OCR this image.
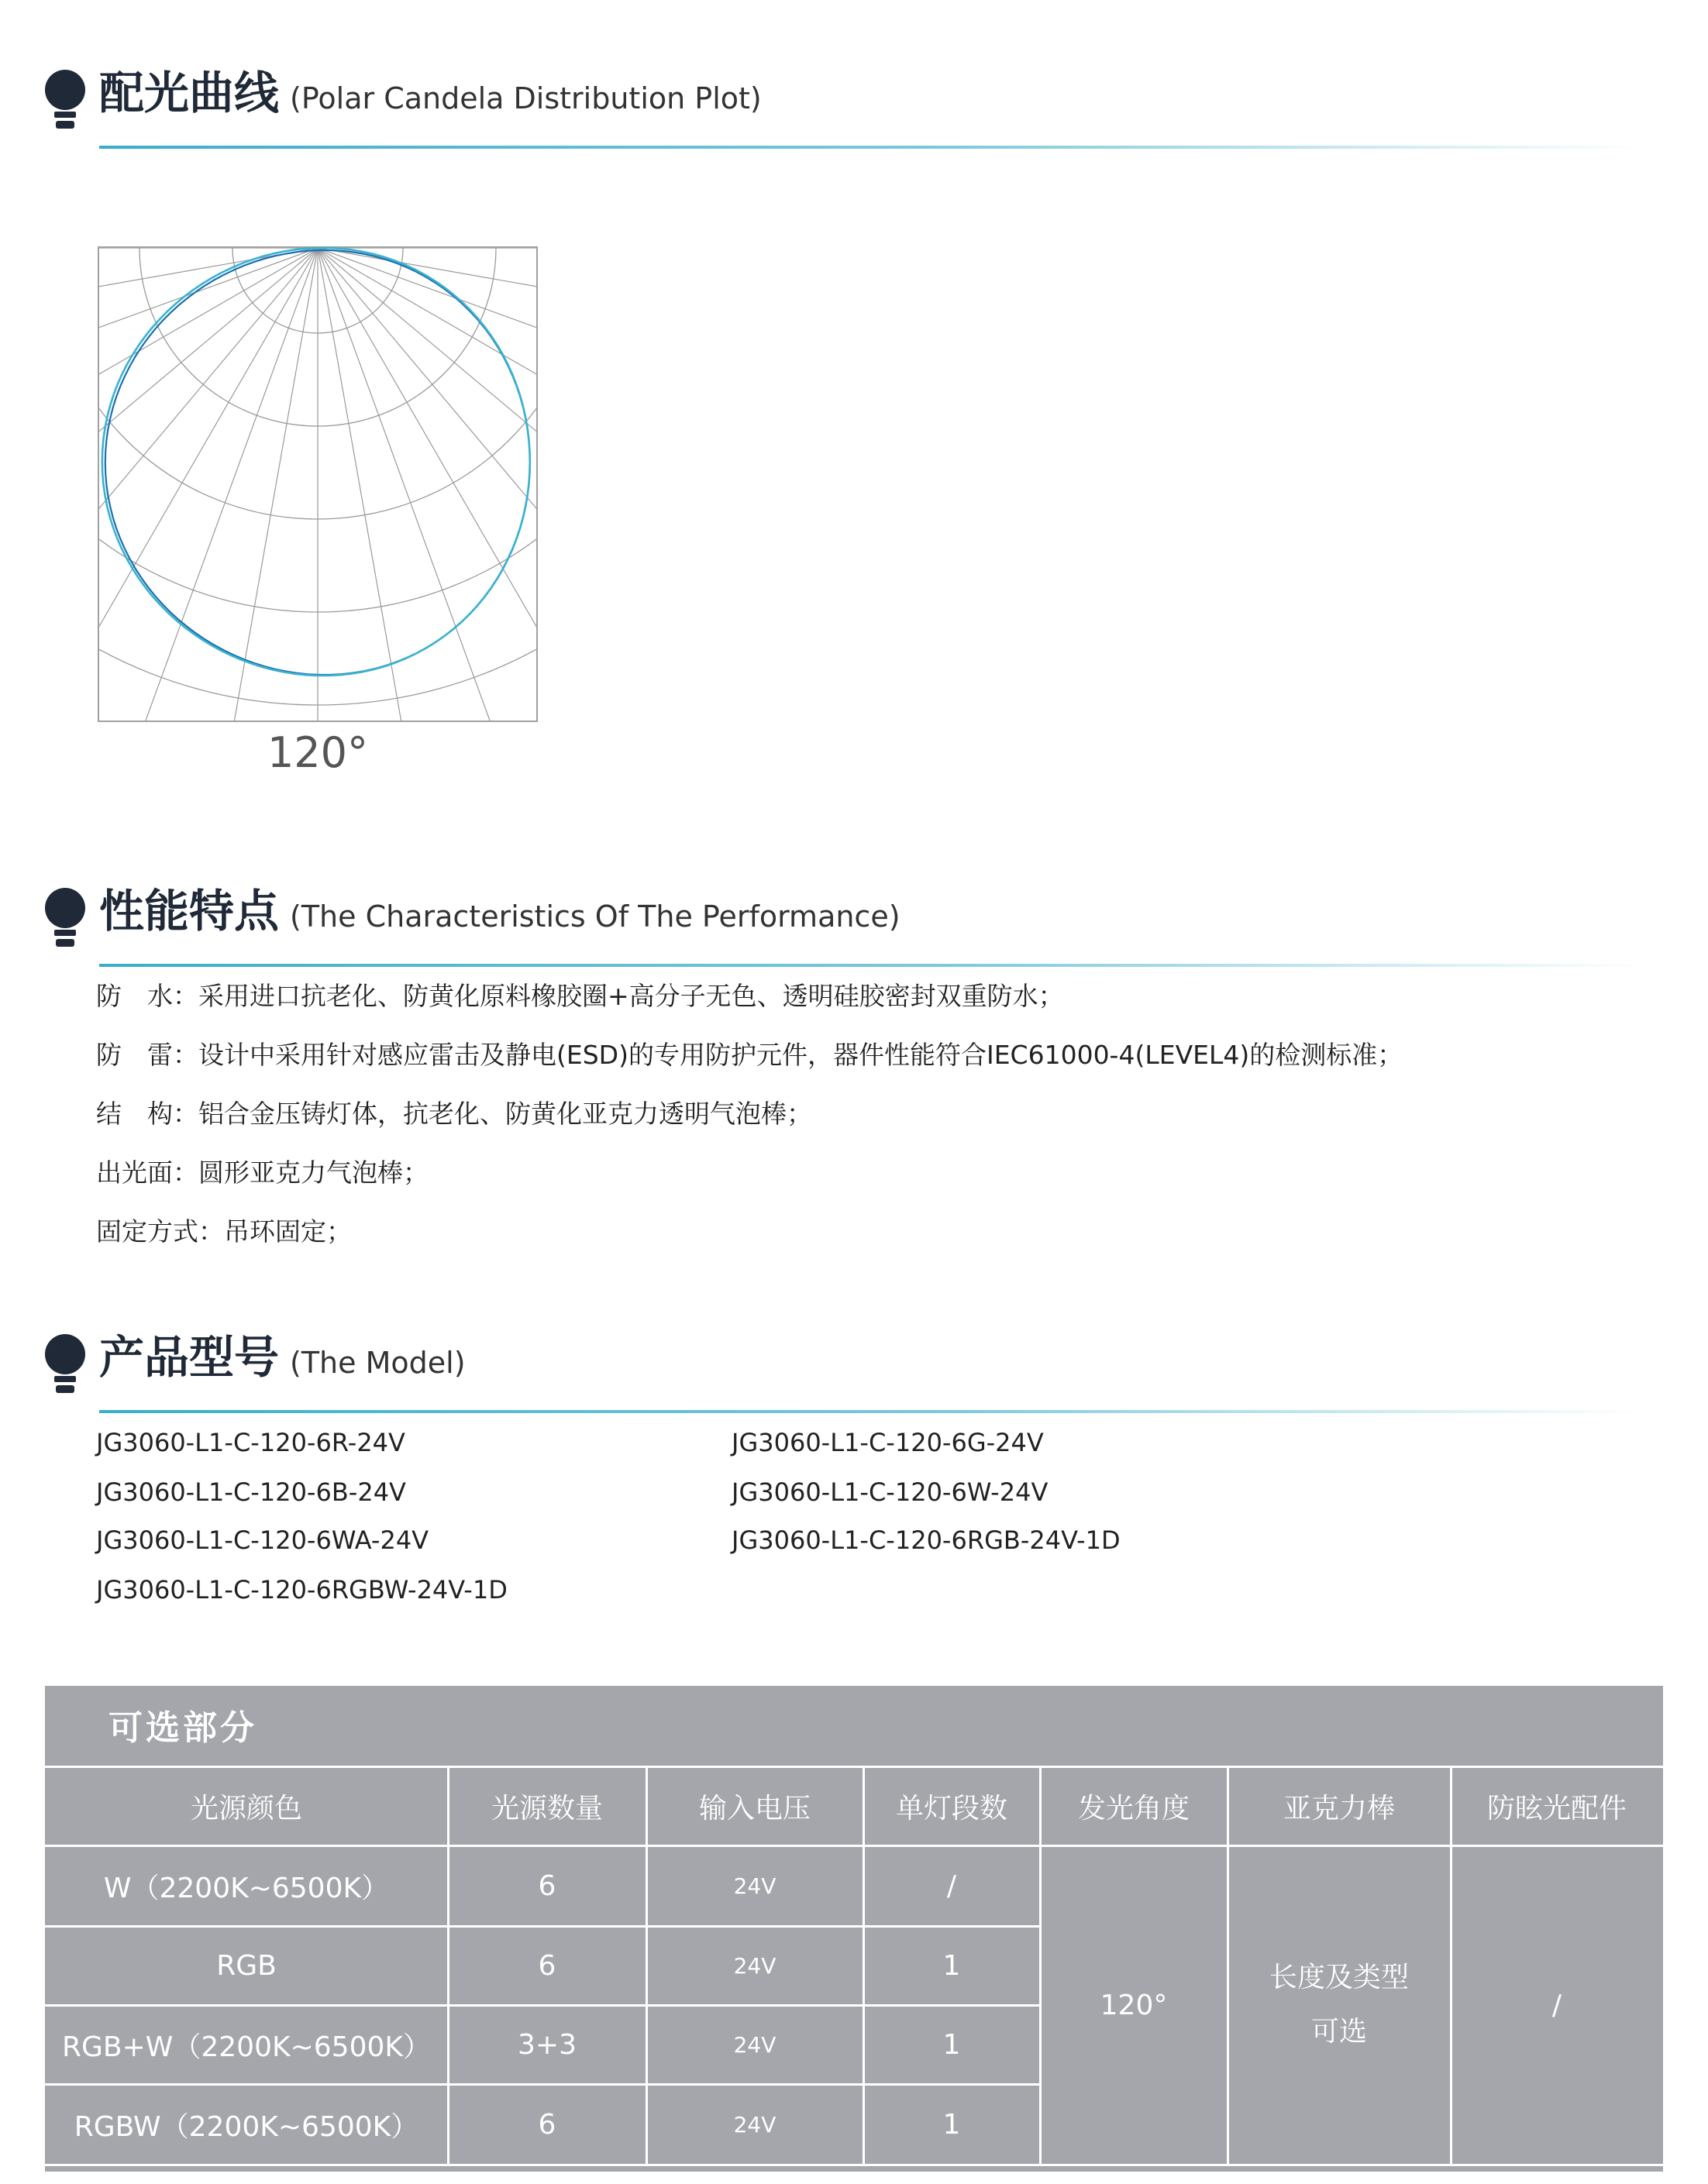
配光曲线 (Polar Candela Distribution Plot)
120°
性能特点 (The Characteristics Of The Performance)
防　水：采用进口抗老化、防黄化原料橡胶圈+高分子无色、透明硅胶密封双重防水；
防　雷：设计中采用针对感应雷击及静电(ESD)的专用防护元件，器件性能符合IEC61000-4(LEVEL4)的检测标准；
结　构：铝合金压铸灯体，抗老化、防黄化亚克力透明气泡棒；
出光面：圆形亚克力气泡棒；
固定方式：吊环固定；
产品型号 (The Model)
JG3060-L1-C-120-6R-24V
JG3060-L1-C-120-6B-24V
JG3060-L1-C-120-6WA-24V
JG3060-L1-C-120-6RGBW-24V-1D
JG3060-L1-C-120-6G-24V
JG3060-L1-C-120-6W-24V
JG3060-L1-C-120-6RGB-24V-1D
可选部分
光源颜色	光源数量	输入电压	单灯段数	发光角度	亚克力棒	防眩光配件
W（2200K~6500K）	6	24V	/
RGB	6	24V	1
RGB+W（2200K~6500K）	3+3	24V	1
RGBW（2200K~6500K）	6	24V	1
120°
长度及类型
可选
/
